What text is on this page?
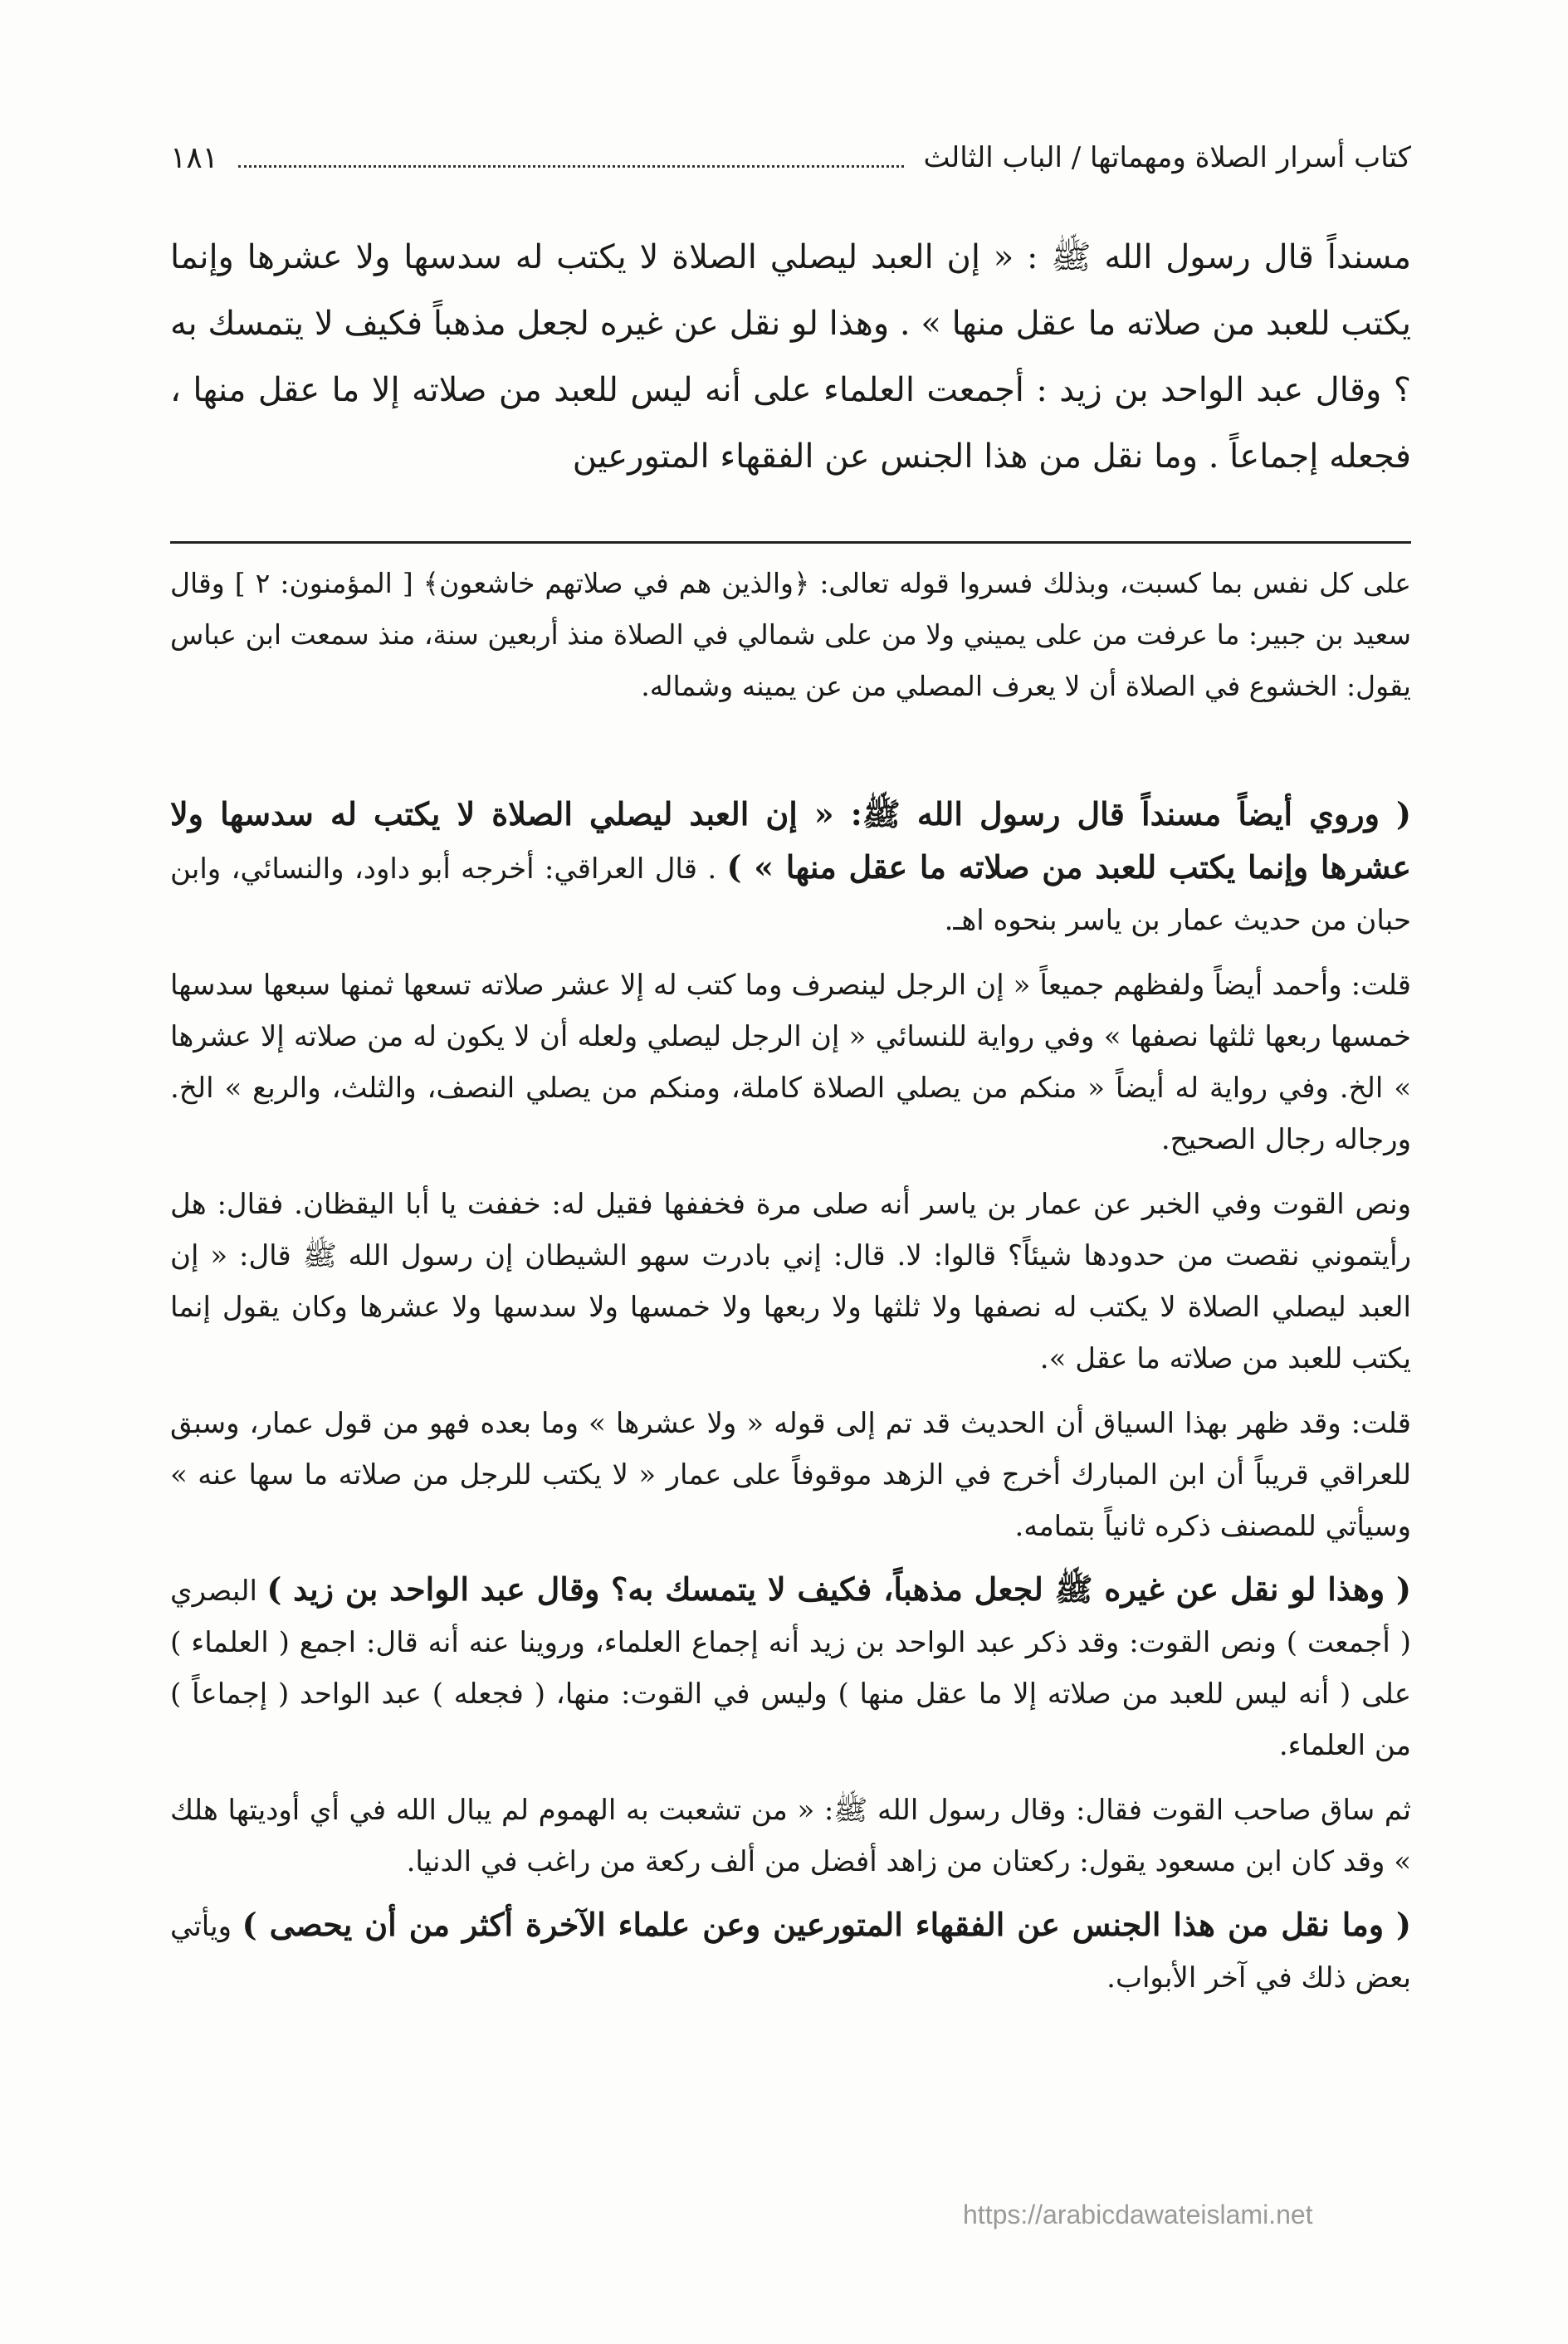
كتاب أسرار الصلاة ومهماتها / الباب الثالث
١٨١
مسنداً قال رسول الله ﷺ : « إن العبد ليصلي الصلاة لا يكتب له سدسها ولا عشرها وإنما يكتب للعبد من صلاته ما عقل منها » . وهذا لو نقل عن غيره لجعل مذهباً فكيف لا يتمسك به ؟ وقال عبد الواحد بن زيد : أجمعت العلماء على أنه ليس للعبد من صلاته إلا ما عقل منها ، فجعله إجماعاً . وما نقل من هذا الجنس عن الفقهاء المتورعين
على كل نفس بما كسبت، وبذلك فسروا قوله تعالى: ﴿والذين هم في صلاتهم خاشعون﴾ [ المؤمنون: ٢ ] وقال سعيد بن جبير: ما عرفت من على يميني ولا من على شمالي في الصلاة منذ أربعين سنة، منذ سمعت ابن عباس يقول: الخشوع في الصلاة أن لا يعرف المصلي من عن يمينه وشماله.

( وروي أيضاً مسنداً قال رسول الله ﷺ: « إن العبد ليصلي الصلاة لا يكتب له سدسها ولا عشرها وإنما يكتب للعبد من صلاته ما عقل منها » ) . قال العراقي: أخرجه أبو داود، والنسائي، وابن حبان من حديث عمار بن ياسر بنحوه اهـ.

قلت: وأحمد أيضاً ولفظهم جميعاً « إن الرجل لينصرف وما كتب له إلا عشر صلاته تسعها ثمنها سبعها سدسها خمسها ربعها ثلثها نصفها » وفي رواية للنسائي « إن الرجل ليصلي ولعله أن لا يكون له من صلاته إلا عشرها » الخ. وفي رواية له أيضاً « منكم من يصلي الصلاة كاملة، ومنكم من يصلي النصف، والثلث، والربع » الخ. ورجاله رجال الصحيح.

ونص القوت وفي الخبر عن عمار بن ياسر أنه صلى مرة فخففها فقيل له: خففت يا أبا اليقظان. فقال: هل رأيتموني نقصت من حدودها شيئاً؟ قالوا: لا. قال: إني بادرت سهو الشيطان إن رسول الله ﷺ قال: « إن العبد ليصلي الصلاة لا يكتب له نصفها ولا ثلثها ولا ربعها ولا خمسها ولا سدسها ولا عشرها وكان يقول إنما يكتب للعبد من صلاته ما عقل ».

قلت: وقد ظهر بهذا السياق أن الحديث قد تم إلى قوله « ولا عشرها » وما بعده فهو من قول عمار، وسبق للعراقي قريباً أن ابن المبارك أخرج في الزهد موقوفاً على عمار « لا يكتب للرجل من صلاته ما سها عنه » وسيأتي للمصنف ذكره ثانياً بتمامه.

( وهذا لو نقل عن غيره ﷺ لجعل مذهباً، فكيف لا يتمسك به؟ وقال عبد الواحد بن زيد ) البصري ( أجمعت ) ونص القوت: وقد ذكر عبد الواحد بن زيد أنه إجماع العلماء، وروينا عنه أنه قال: اجمع ( العلماء ) على ( أنه ليس للعبد من صلاته إلا ما عقل منها ) وليس في القوت: منها، ( فجعله ) عبد الواحد ( إجماعاً ) من العلماء.

ثم ساق صاحب القوت فقال: وقال رسول الله ﷺ: « من تشعبت به الهموم لم يبال الله في أي أوديتها هلك » وقد كان ابن مسعود يقول: ركعتان من زاهد أفضل من ألف ركعة من راغب في الدنيا.

( وما نقل من هذا الجنس عن الفقهاء المتورعين وعن علماء الآخرة أكثر من أن يحصى ) ويأتي بعض ذلك في آخر الأبواب.

https://arabicdawateislami.net
